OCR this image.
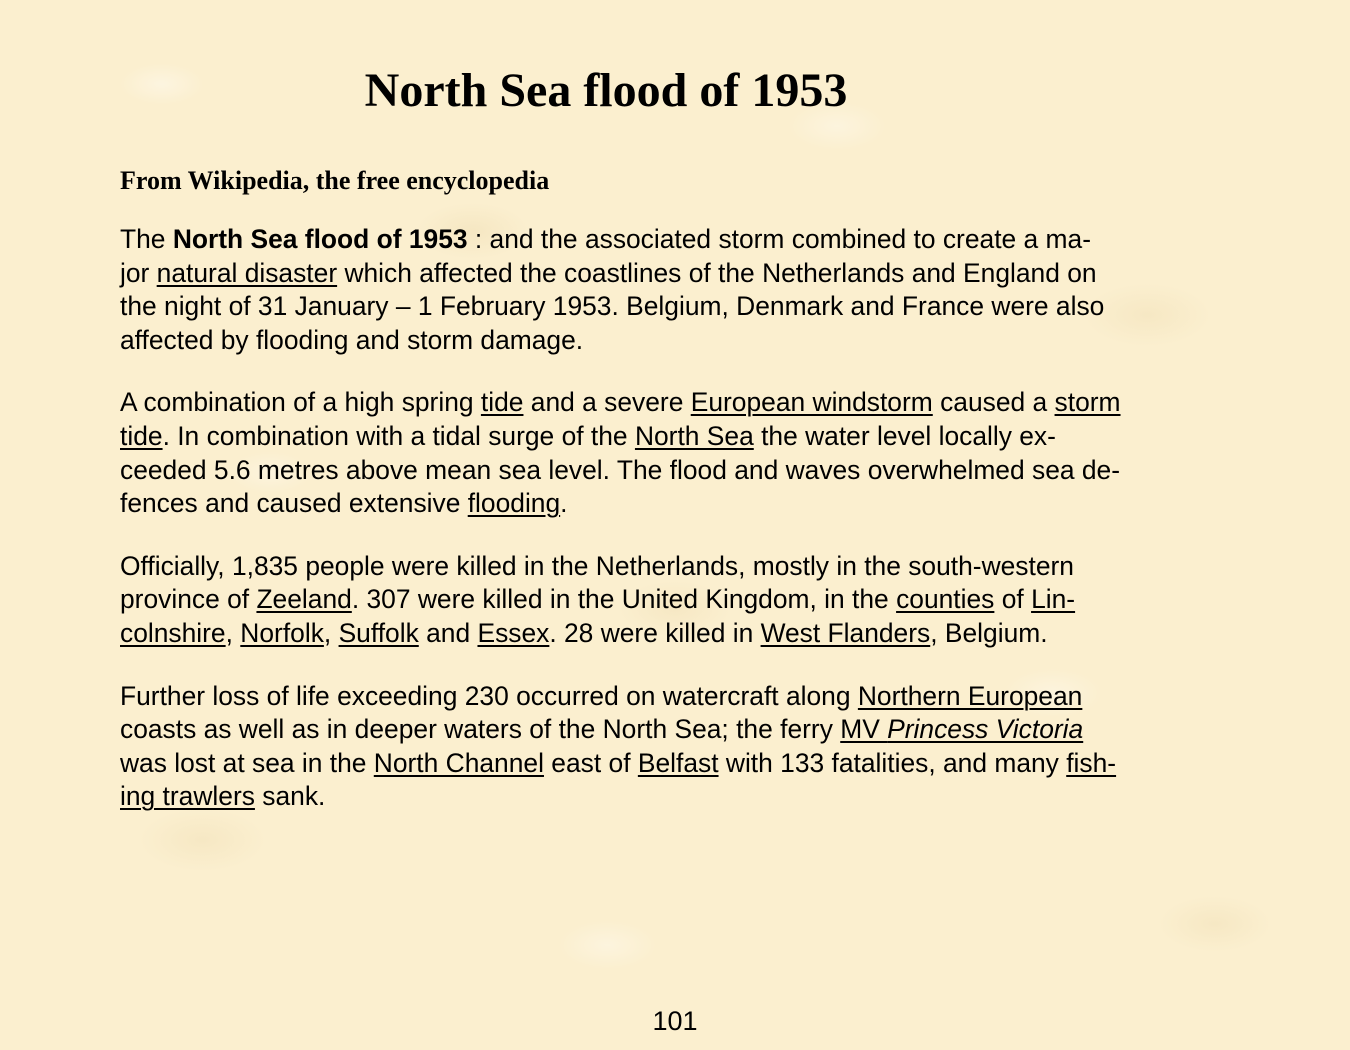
North Sea flood of 1953

From Wikipedia, the free encyclopedia

The North Sea flood of 1953 : and the associated storm combined to create a ma-
jor natural disaster which affected the coastlines of the Netherlands and England on
the night of 31 January – 1 February 1953. Belgium, Denmark and France were also
affected by flooding and storm damage.

A combination of a high spring tide and a severe European windstorm caused a storm
tide. In combination with a tidal surge of the North Sea the water level locally ex-
ceeded 5.6 metres above mean sea level. The flood and waves overwhelmed sea de-
fences and caused extensive flooding.

Officially, 1,835 people were killed in the Netherlands, mostly in the south-western
province of Zeeland. 307 were killed in the United Kingdom, in the counties of Lin-
colnshire, Norfolk, Suffolk and Essex. 28 were killed in West Flanders, Belgium.

Further loss of life exceeding 230 occurred on watercraft along Northern European
coasts as well as in deeper waters of the North Sea; the ferry MV Princess Victoria
was lost at sea in the North Channel east of Belfast with 133 fatalities, and many fish-
ing trawlers sank.

101
